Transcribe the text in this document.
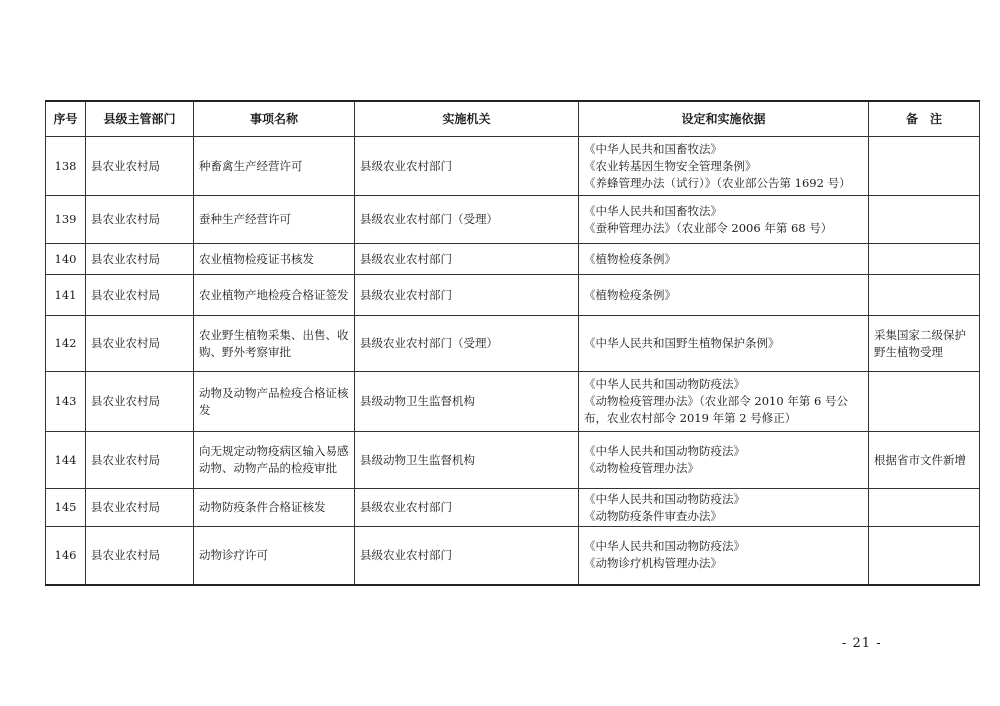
序号	县级主管部门	事项名称	实施机关	设定和实施依据	备　注
138	县农业农村局	种畜禽生产经营许可	县级农业农村部门	《中华人民共和国畜牧法》
《农业转基因生物安全管理条例》
《养蜂管理办法（试行）》（农业部公告第 1692 号）	

139	县农业农村局	蚕种生产经营许可	县级农业农村部门（受理）	《中华人民共和国畜牧法》
《蚕种管理办法》（农业部令 2006 年第 68 号）	

140	县农业农村局	农业植物检疫证书核发	县级农业农村部门	《植物检疫条例》	

141	县农业农村局	农业植物产地检疫合格证签发	县级农业农村部门	《植物检疫条例》	

142	县农业农村局	农业野生植物采集、出售、收购、野外考察审批	县级农业农村部门（受理）	《中华人民共和国野生植物保护条例》	采集国家二级保护野生植物受理
143	县农业农村局	动物及动物产品检疫合格证核发	县级动物卫生监督机构	《中华人民共和国动物防疫法》
《动物检疫管理办法》（农业部令 2010 年第 6 号公
布，农业农村部令 2019 年第 2 号修正）	

144	县农业农村局	向无规定动物疫病区输入易感动物、动物产品的检疫审批	县级动物卫生监督机构	《中华人民共和国动物防疫法》
《动物检疫管理办法》	根据省市文件新增
145	县农业农村局	动物防疫条件合格证核发	县级农业农村部门	《中华人民共和国动物防疫法》
《动物防疫条件审查办法》	

146	县农业农村局	动物诊疗许可	县级农业农村部门	《中华人民共和国动物防疫法》
《动物诊疗机构管理办法》	

- 21 -
